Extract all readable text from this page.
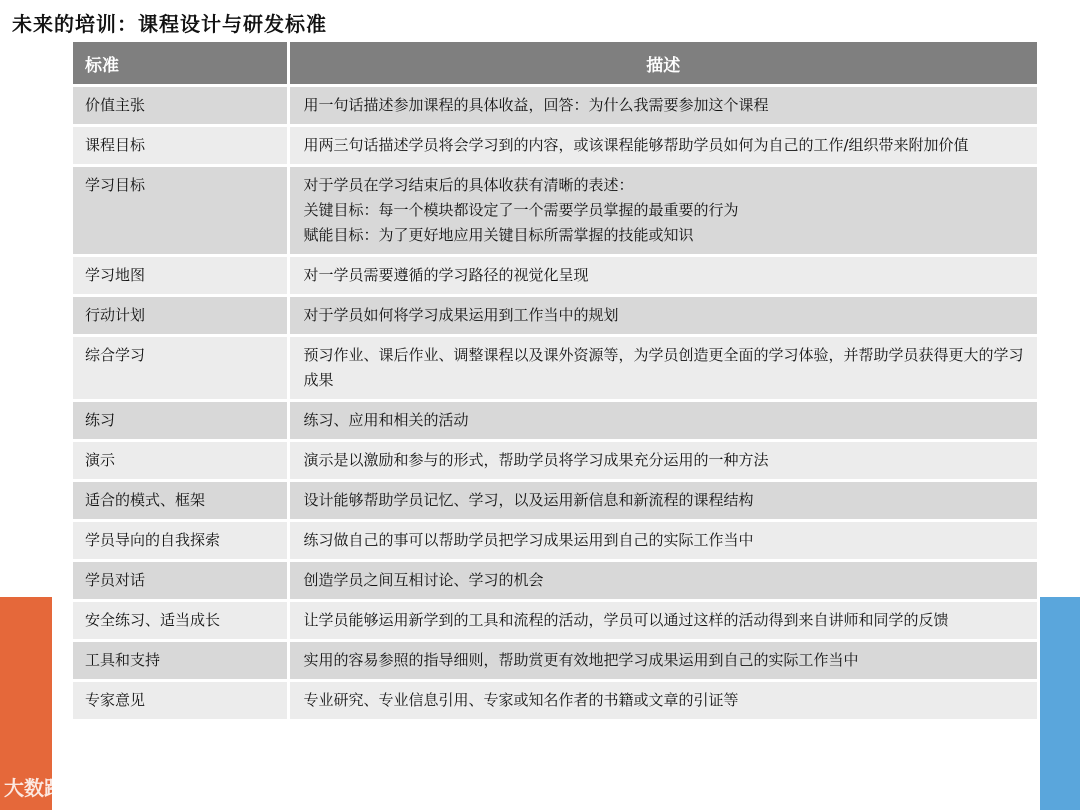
未来的培训：课程设计与研发标准
标准	描述
价值主张	用一句话描述参加课程的具体收益，回答：为什么我需要参加这个课程
课程目标	用两三句话描述学员将会学习到的内容，或该课程能够帮助学员如何为自己的工作/组织带来附加价值
学习目标	对于学员在学习结束后的具体收获有清晰的表述：
关键目标：每一个模块都设定了一个需要学员掌握的最重要的行为
赋能目标：为了更好地应用关键目标所需掌握的技能或知识
学习地图	对一学员需要遵循的学习路径的视觉化呈现
行动计划	对于学员如何将学习成果运用到工作当中的规划
综合学习	预习作业、课后作业、调整课程以及课外资源等，为学员创造更全面的学习体验，并帮助学员获得更大的学习成果
练习	练习、应用和相关的活动
演示	演示是以激励和参与的形式，帮助学员将学习成果充分运用的一种方法
适合的模式、框架	设计能够帮助学员记忆、学习，以及运用新信息和新流程的课程结构
学员导向的自我探索	练习做自己的事可以帮助学员把学习成果运用到自己的实际工作当中
学员对话	创造学员之间互相讨论、学习的机会
安全练习、适当成长	让学员能够运用新学到的工具和流程的活动，学员可以通过这样的活动得到来自讲师和同学的反馈
工具和支持	实用的容易参照的指导细则，帮助赏更有效地把学习成果运用到自己的实际工作当中
专家意见	专业研究、专业信息引用、专家或知名作者的书籍或文章的引证等
大数跨境
